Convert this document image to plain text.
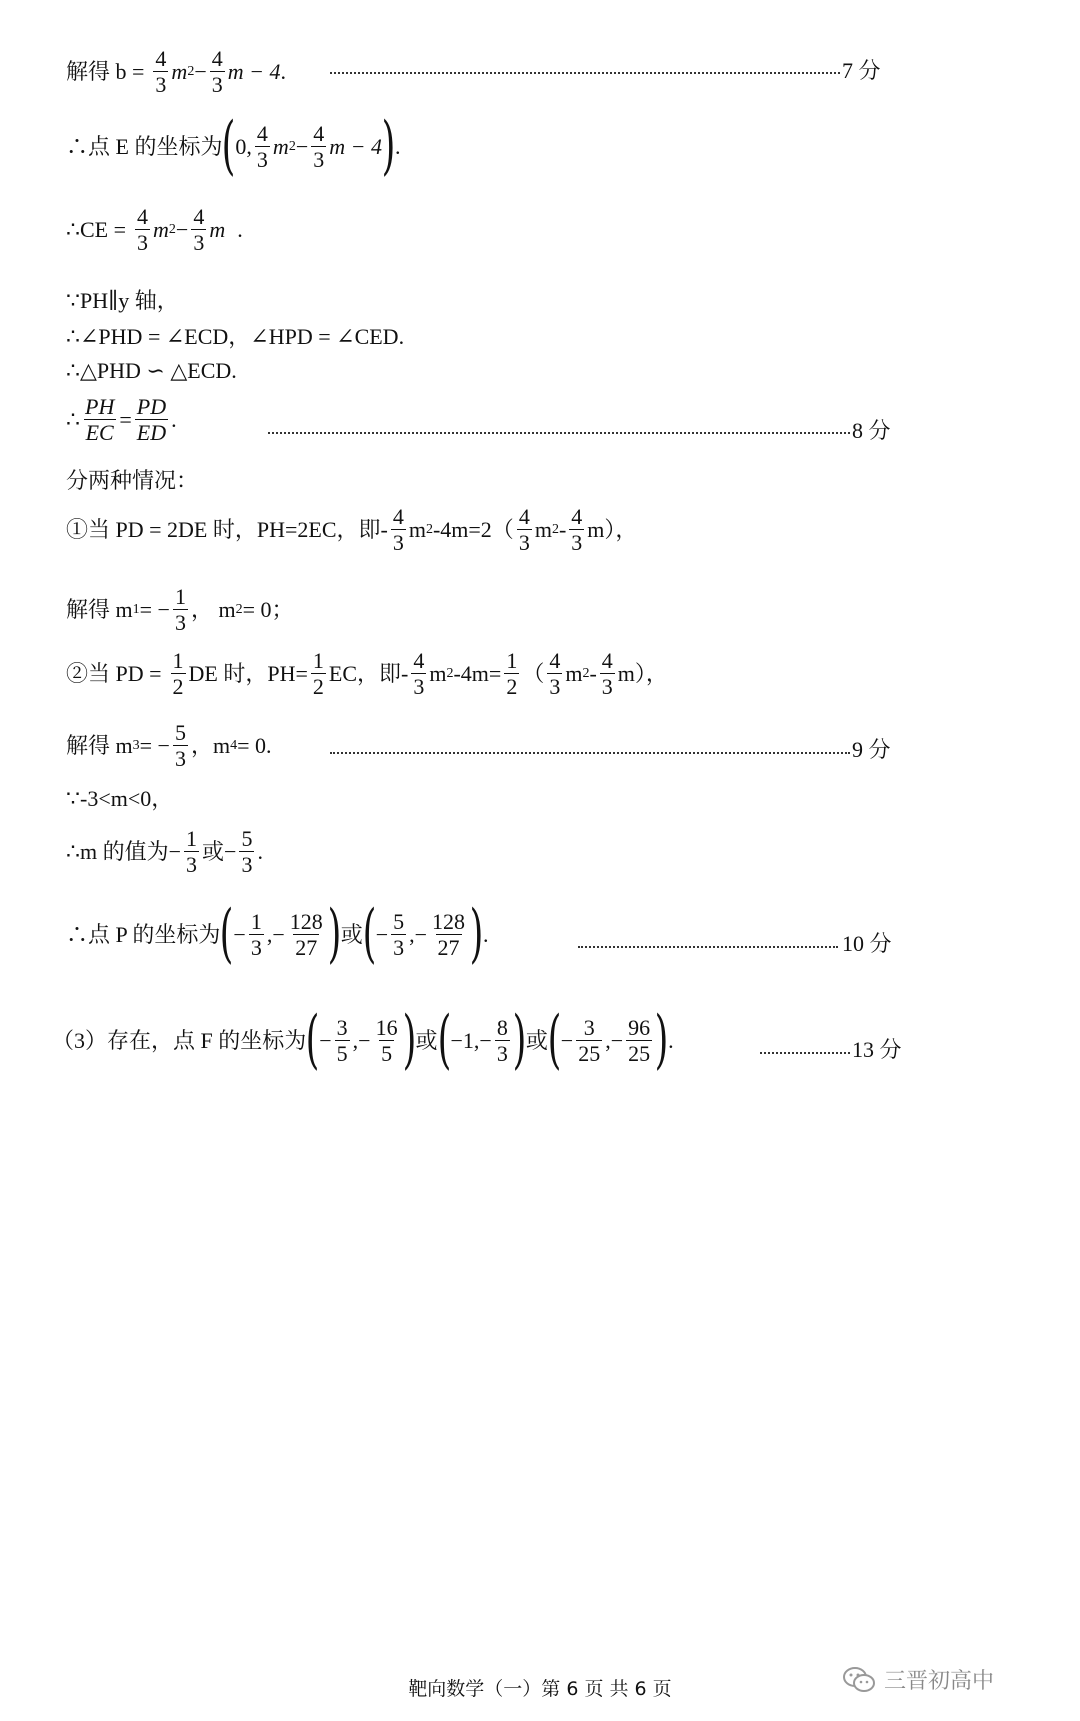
解得 $b = \frac{4}{3}$ m $2 - \frac{4}{3}$ m − 4 .	7 分
∴点 E 的坐标为 ( 0, $\frac{4}{3}$ m $2 - \frac{4}{3}$ m − 4 ) .
∴CE = $\frac{4}{3}$ m $2 - \frac{4}{3}$ m .
∵PH∥y 轴，
∴∠PHD = ∠ECD，∠HPD = ∠CED.
∴△PHD ∽ △ECD.
∴ $\frac{PH}{EC} = \frac{PD}{ED}$ .	8 分
分两种情况：
①当 PD = 2DE 时，PH=2EC，即- $\frac{4}{3}$ m 2 $-4m=2( \frac{4}{3}$ m $2 - \frac{4}{3} m$），
解得 m 1 = − $\frac{1}{3}$ ， m 2 = 0；
②当 PD = $\frac{1}{2}$ DE 时，$PH= \frac{1}{2}$ EC，即- $\frac{4}{3}$ m 2 $-4m= \frac{1}{2}$ （ $\frac{4}{3}$ m $2 - \frac{4}{3} m$），
解得 m 3 = − $\frac{5}{3}$ ，m 4 = 0.	9 分
∵-3<m<0，
∴m 的值为− $\frac{1}{3}$ 或− $\frac{5}{3}$ .
∴点 P 的坐标为 ( − $\frac{1}{3}$ ,− $\frac{128}{27}$ ) 或 ( − $\frac{5}{3}$ ,− $\frac{128}{27}$ ) .	10 分
（3）存在，点 F 的坐标为 ( − $\frac{3}{5}$ ,− $\frac{16}{5}$ ) 或 ( $-1,- \frac{8}{3}$ ) 或 ( − $\frac{3}{25}$ ,− $\frac{96}{25}$ ) .	13 分
靶向数学（一）第 6 页 共 6 页	三晋初高中
